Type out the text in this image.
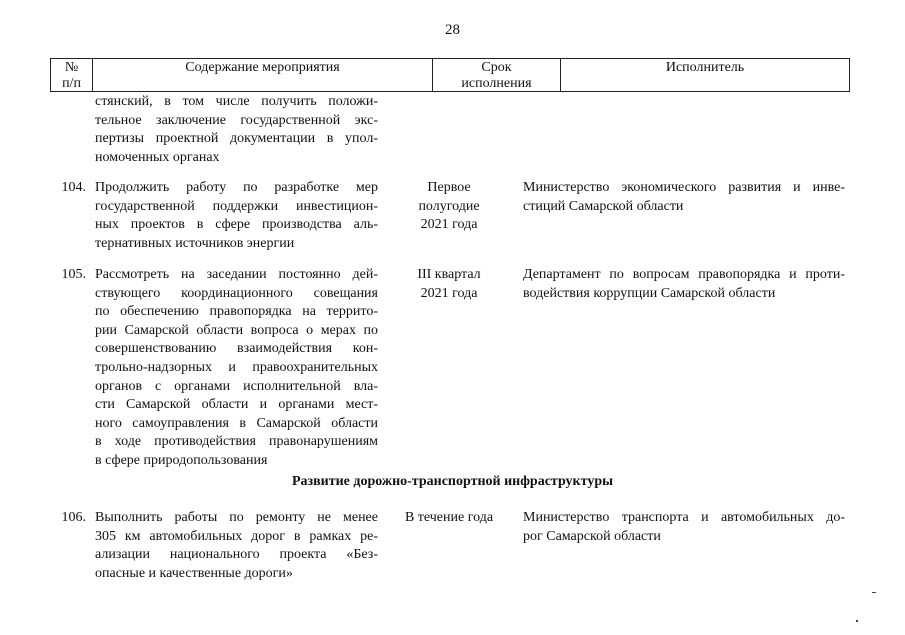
28
№
п/п
Содержание мероприятия	Срок
исполнения
Исполнитель
стянский, в том числе получить положи-
тельное заключение государственной экс-
пертизы проектной документации в упол-
номоченных органах
104. Продолжить работу по разработке мер
государственной поддержки инвестицион-
ных проектов в сфере производства аль-
тернативных источников энергии
Первое
полугодие
2021 года
Министерство экономического развития и инве-
стиций Самарской области
105. Рассмотреть на заседании постоянно дей-
ствующего координационного совещания
по обеспечению правопорядка на террито-
рии Самарской области вопроса о мерах по
совершенствованию взаимодействия кон-
трольно-надзорных и правоохранительных
органов с органами исполнительной вла-
сти Самарской области и органами мест-
ного самоуправления в Самарской области
в ходе противодействия правонарушениям
в сфере природопользования
III квартал
2021 года
Департамент по вопросам правопорядка и проти-
водействия коррупции Самарской области
Развитие дорожно-транспортной инфраструктуры
106. Выполнить работы по ремонту не менее
305 км автомобильных дорог в рамках ре-
ализации национального проекта «Без-
опасные и качественные дороги»
В течение года	Министерство транспорта и автомобильных до-
рог Самарской области
